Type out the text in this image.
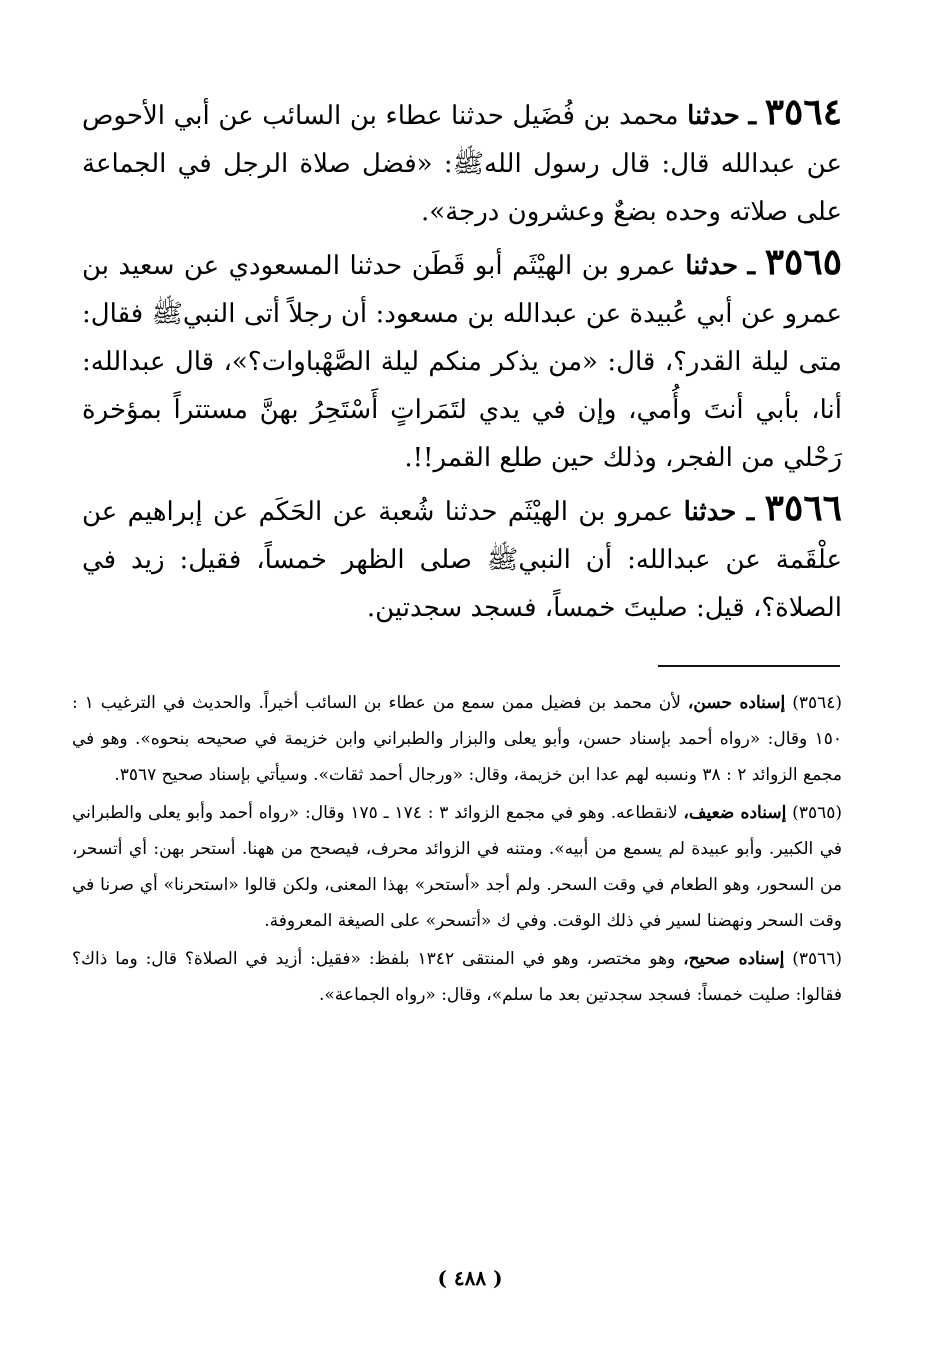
٣٥٦٤ ـ حدثنا محمد بن فُضَيل حدثنا عطاء بن السائب عن أبي الأحوص عن عبدالله قال: قال رسول اللهﷺ: «فضل صلاة الرجل في الجماعة على صلاته وحده بضعٌ وعشرون درجة».

٣٥٦٥ ـ حدثنا عمرو بن الهيْثَم أبو قَطَن حدثنا المسعودي عن سعيد بن عمرو عن أبي عُبيدة عن عبدالله بن مسعود: أن رجلاً أتى النبيﷺ فقال: متى ليلة القدر؟، قال: «من يذكر منكم ليلة الصَّهْباوات؟»، قال عبدالله: أنا، بأبي أنتَ وأُمي، وإن في يدي لتَمَراتٍ أَسْتَحِرُ بهنَّ مستتراً بمؤخرة رَحْلي من الفجر، وذلك حين طلع القمر!!.

٣٥٦٦ ـ حدثنا عمرو بن الهيْثَم حدثنا شُعبة عن الحَكَم عن إبراهيم عن علْقَمة عن عبدالله: أن النبيﷺ صلى الظهر خمساً، فقيل: زيد في الصلاة؟، قيل: صليتَ خمساً، فسجد سجدتين.

(٣٥٦٤) إسناده حسن، لأن محمد بن فضيل ممن سمع من عطاء بن السائب أخيراً. والحديث في الترغيب ١ : ١٥٠ وقال: «رواه أحمد بإسناد حسن، وأبو يعلى والبزار والطبراني وابن خزيمة في صحيحه بنحوه». وهو في مجمع الزوائد ٢ : ٣٨ ونسبه لهم عدا ابن خزيمة، وقال: «ورجال أحمد ثقات». وسيأتي بإسناد صحيح ٣٥٦٧.

(٣٥٦٥) إسناده ضعيف، لانقطاعه. وهو في مجمع الزوائد ٣ : ١٧٤ ـ ١٧٥ وقال: «رواه أحمد وأبو يعلى والطبراني في الكبير. وأبو عبيدة لم يسمع من أبيه». ومتنه في الزوائد محرف، فيصحح من ههنا. أستحر بهن: أي أتسحر، من السحور، وهو الطعام في وقت السحر. ولم أجد «أستحر» بهذا المعنى، ولكن قالوا «استحرنا» أي صرنا في وقت السحر ونهضنا لسير في ذلك الوقت. وفي ك «أتسحر» على الصيغة المعروفة.

(٣٥٦٦) إسناده صحيح، وهو مختصر، وهو في المنتقى ١٣٤٢ بلفظ: «فقيل: أزيد في الصلاة؟ قال: وما ذاك؟ فقالوا: صليت خمساً: فسجد سجدتين بعد ما سلم»، وقال: «رواه الجماعة».

( ٤٨٨ )
